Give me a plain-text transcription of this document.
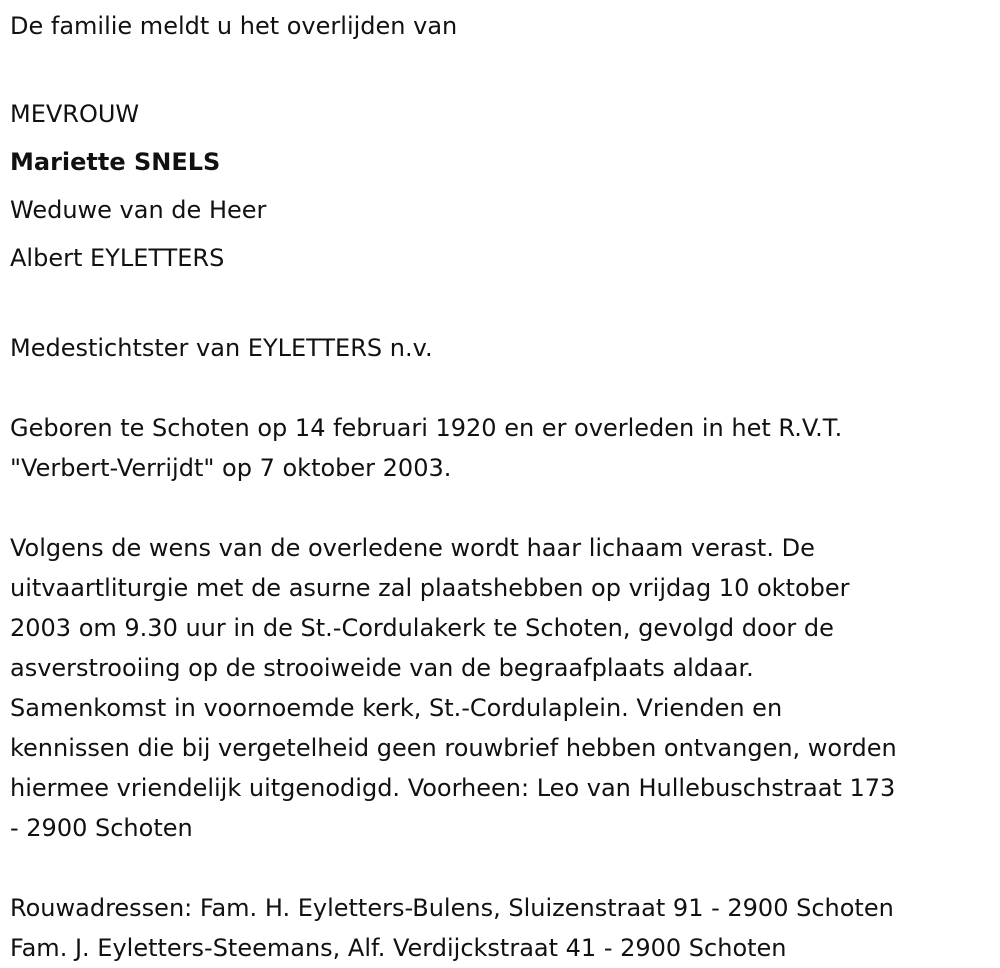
De familie meldt u het overlijden van

MEVROUW

Mariette SNELS

Weduwe van de Heer

Albert EYLETTERS

Medestichtster van EYLETTERS n.v.

Geboren te Schoten op 14 februari 1920 en er overleden in het R.V.T.

"Verbert-Verrijdt" op 7 oktober 2003.

Volgens de wens van de overledene wordt haar lichaam verast. De

uitvaartliturgie met de asurne zal plaatshebben op vrijdag 10 oktober

2003 om 9.30 uur in de St.-Cordulakerk te Schoten, gevolgd door de

asverstrooiing op de strooiweide van de begraafplaats aldaar.

Samenkomst in voornoemde kerk, St.-Cordulaplein. Vrienden en

kennissen die bij vergetelheid geen rouwbrief hebben ontvangen, worden

hiermee vriendelijk uitgenodigd. Voorheen: Leo van Hullebuschstraat 173

- 2900 Schoten

Rouwadressen: Fam. H. Eyletters-Bulens, Sluizenstraat 91 - 2900 Schoten

Fam. J. Eyletters-Steemans, Alf. Verdijckstraat 41 - 2900 Schoten
